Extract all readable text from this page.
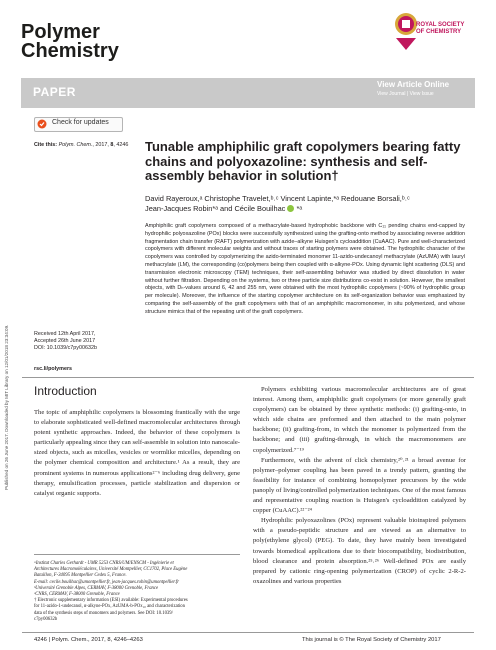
Polymer
Chemistry
ROYAL SOCIETY
OF CHEMISTRY
PAPER
View Article Online
View Journal | View Issue
Published on 26 June 2017. Downloaded by MIT Library on 12/01/2018 23:34:09.
Check for updates
Cite this: Polym. Chem., 2017, 8, 4246
Received 12th April 2017,
Accepted 26th June 2017
DOI: 10.1039/c7py00632b
rsc.li/polymers
Tunable amphiphilic graft copolymers bearing fatty chains and polyoxazoline: synthesis and self-assembly behavior in solution†
David Rayeroux,ᵃ Christophe Travelet,ᵇ˒ᶜ Vincent Lapinte,*ᵃ Redouane Borsali,ᵇ˒ᶜ
Jean-Jacques Robin*ᵃ and Cécile Bouilhac  *ᵃ
Amphiphilic graft copolymers composed of a methacrylate-based hydrophobic backbone with C₁₁ pending chains end-capped by hydrophilic polyoxazoline (POx) blocks were successfully synthesized using the grafting-onto method by associating reverse addition fragmentation chain transfer (RAFT) polymerization with azide–alkyne Huisgen's cycloaddition (CuAAC). Pure and well-characterized copolymers with different molecular weights and without traces of starting polymers were obtained. The hydrophilic character of the copolymers was controlled by copolymerizing the azido-terminated monomer 11-azido-undecanoyl methacrylate (AzUMA) with lauryl methacrylate (LM), the corresponding (co)polymers being then coupled with α-alkyne-POx. Using dynamic light scattering (DLS) and transmission electronic microscopy (TEM) techniques, their self-assembling behavior was studied by direct dissolution in water without further filtration. Depending on the systems, two or three particle size distributions co-exist in solution. However, the smallest objects, with Dₕ-values around 6, 42 and 255 nm, were obtained with the most hydrophilic copolymers (~90% of hydrophilic group per molecule). Moreover, the influence of the starting copolymer architecture on its self-organization behavior was emphasized by comparing the self-assembly of the graft copolymers with that of an amphiphilic macromonomer, in situ polymerized, and whose structure mimics that of the repeating unit of the graft copolymers.
Introduction

The topic of amphiphilic copolymers is blossoming frantically with the urge to elaborate sophisticated well-defined macromolecular architectures through potent synthetic approaches. Indeed, the behavior of these copolymers is particularly appealing since they can self-assemble in solution into nanoscale-sized objects, such as micelles, vesicles or wormlike micelles, depending on the polymer chemical composition and architecture.¹ As a result, they are prominent systems in numerous applications²⁻⁶ including drug delivery, gene therapy, emulsification processes, particle stabilization and dispersion or catalyst organic supports.

Polymers exhibiting various macromolecular architectures are of great interest. Among them, amphiphilic graft copolymers (or more generally graft copolymers) can be obtained by three synthetic methods: (i) grafting-onto, in which side chains are preformed and then attached to the main polymer backbone; (ii) grafting-from, in which the monomer is polymerized from the backbone; and (iii) grafting-through, in which the macromonomers are copolymerized.⁷⁻¹⁹

Furthermore, with the advent of click chemistry,²⁰˒²¹ a broad avenue for polymer–polymer coupling has been paved in a trendy pattern, granting the feasibility for instance of combining homopolymer precursors by the wide panoply of living/controlled polymerization techniques. One of the most famous and representative coupling reaction is Huisgen's cycloaddition catalyzed by copper (CuAAC).²²⁻²⁴

Hydrophilic polyoxazolines (POx) represent valuable bioinspired polymers with a pseudo-peptidic structure and are viewed as an alternative to poly(ethylene glycol) (PEG). To date, they have mainly been investigated towards biomedical applications due to their biocompatibility, biodistribution, blood clearance and protein absorption.²⁵˒²⁶ Well-defined POx are easily prepared by cationic ring-opening polymerization (CROP) of cyclic 2-R-2-oxazolines and various properties

ᵃInstitut Charles Gerhardt - UMR 5253 CNRS/UM/ENSCM - Ingénierie et
Architectures Macromoléculaires, Université Montpellier, CC1702, Place Eugène
Bataillon, F-34095 Montpellier Cedex 5, France.
E-mail: cecile.bouilhac@umontpellier.fr, jean-jacques.robin@umontpellier.fr
ᵇUniversité Grenoble Alpes, CERMAV, F-38000 Grenoble, France
ᶜCNRS, CERMAV, F-38000 Grenoble, France
† Electronic supplementary information (ESI) available: Experimental procedures
for 11-azido-1-undecanol, α-alkyne-POx, AzUMA-b-POx₁₀ and characterization
data of the synthesis steps of monomers and polymers. See DOI: 10.1039/
c7py00632b
4246 | Polym. Chem., 2017, 8, 4246–4263	This journal is © The Royal Society of Chemistry 2017
